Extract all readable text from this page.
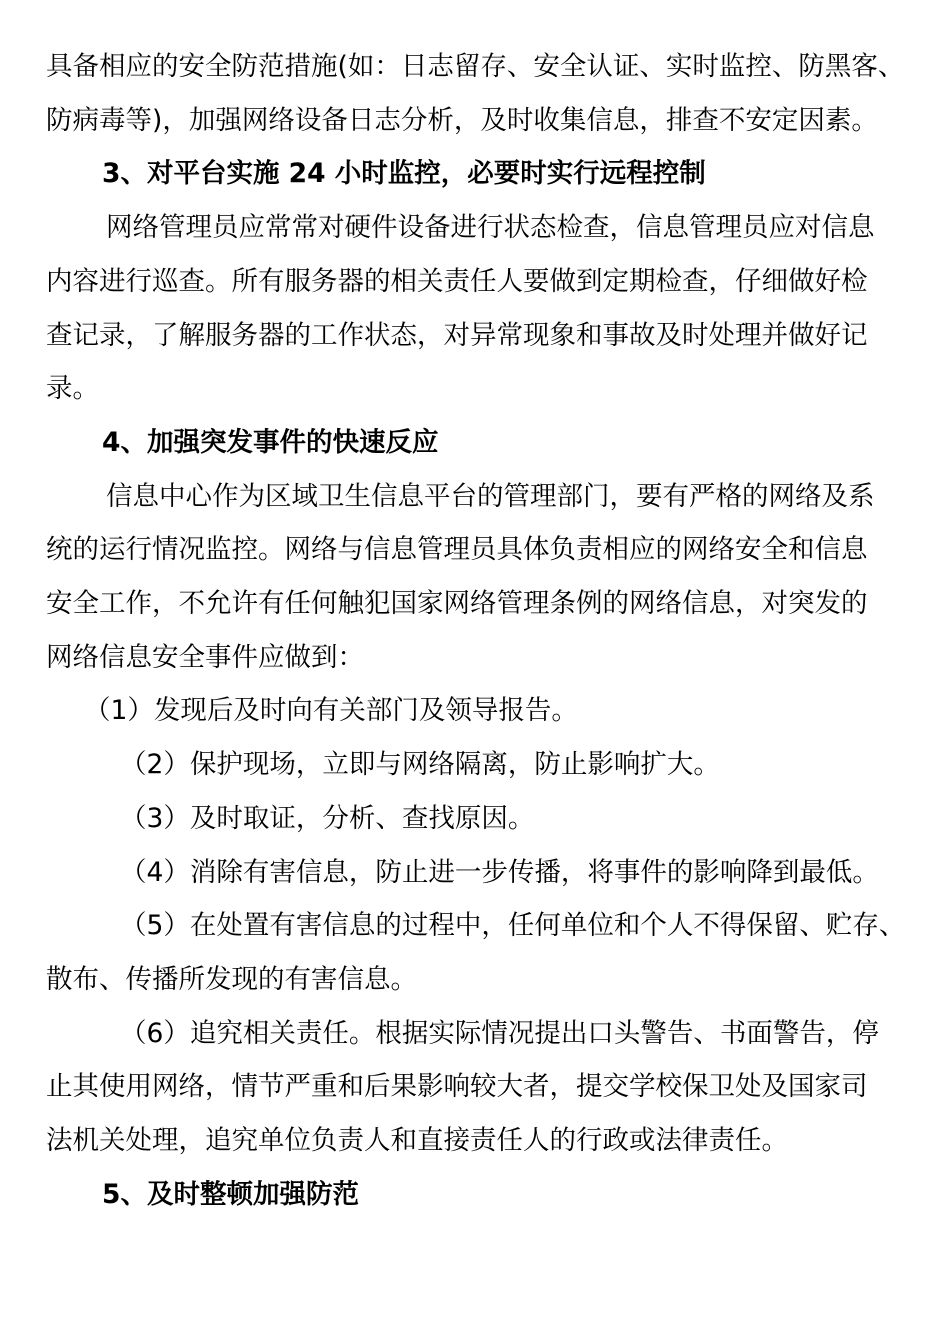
具备相应的安全防范措施(如：日志留存、安全认证、实时监控、防黑客、
防病毒等)，加强网络设备日志分析，及时收集信息，排查不安定因素。
3、对平台实施 24 小时监控，必要时实行远程控制
网络管理员应常常对硬件设备进行状态检查，信息管理员应对信息
内容进行巡查。所有服务器的相关责任人要做到定期检查，仔细做好检
查记录，了解服务器的工作状态，对异常现象和事故及时处理并做好记
录。
4、加强突发事件的快速反应
信息中心作为区域卫生信息平台的管理部门，要有严格的网络及系
统的运行情况监控。网络与信息管理员具体负责相应的网络安全和信息
安全工作，不允许有任何触犯国家网络管理条例的网络信息，对突发的
网络信息安全事件应做到：
（1）发现后及时向有关部门及领导报告。
（2）保护现场，立即与网络隔离，防止影响扩大。
（3）及时取证，分析、查找原因。
（4）消除有害信息，防止进一步传播，将事件的影响降到最低。
（5）在处置有害信息的过程中，任何单位和个人不得保留、贮存、
散布、传播所发现的有害信息。
（6）追究相关责任。根据实际情况提出口头警告、书面警告，停
止其使用网络，情节严重和后果影响较大者，提交学校保卫处及国家司
法机关处理，追究单位负责人和直接责任人的行政或法律责任。
5、及时整顿加强防范
